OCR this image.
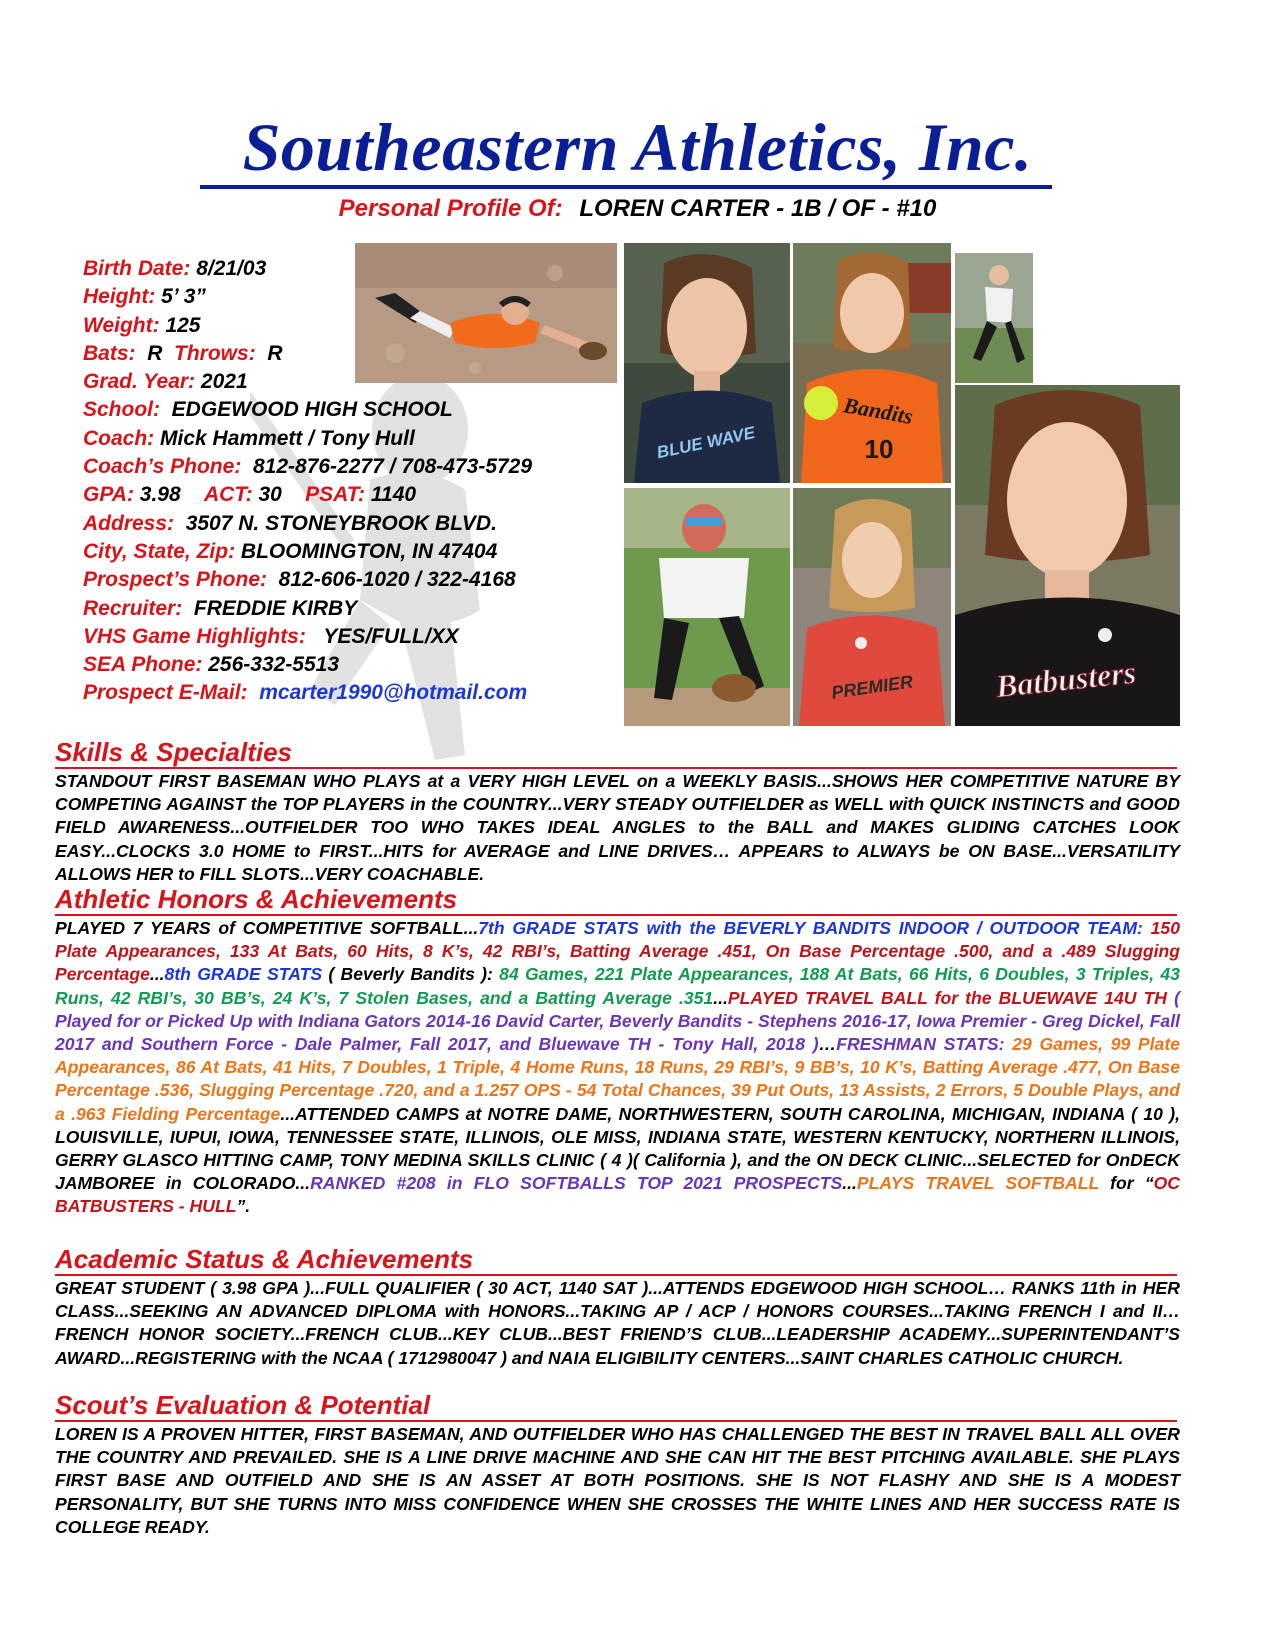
Southeastern Athletics, Inc.
Personal Profile Of: LOREN CARTER - 1B / OF - #10
Birth Date: 8/21/03
Height: 5’ 3”
Weight: 125
Bats: R Throws: R
Grad. Year: 2021
School: EDGEWOOD HIGH SCHOOL
Coach: Mick Hammett / Tony Hull
Coach’s Phone: 812-876-2277 / 708-473-5729
GPA: 3.98 ACT: 30 PSAT: 1140
Address: 3507 N. STONEYBROOK BLVD.
City, State, Zip: BLOOMINGTON, IN 47404
Prospect’s Phone: 812-606-1020 / 322-4168
Recruiter: FREDDIE KIRBY
VHS Game Highlights: YES/FULL/XX
SEA Phone: 256-332-5513
Prospect E-Mail: mcarter1990@hotmail.com
BLUE WAVE
Bandits
10
PREMIER Batbusters
Skills & Specialties
STANDOUT FIRST BASEMAN WHO PLAYS at a VERY HIGH LEVEL on a WEEKLY BASIS...SHOWS HER COMPETITIVE NATURE BY COMPETING AGAINST the TOP PLAYERS in the COUNTRY...VERY STEADY OUTFIELDER as WELL with QUICK INSTINCTS and GOOD FIELD AWARENESS...OUTFIELDER TOO WHO TAKES IDEAL ANGLES to the BALL and MAKES GLIDING CATCHES LOOK EASY...CLOCKS 3.0 HOME to FIRST...HITS for AVERAGE and LINE DRIVES… APPEARS to ALWAYS be ON BASE...VERSATILITY ALLOWS HER to FILL SLOTS...VERY COACHABLE.
Athletic Honors & Achievements
PLAYED 7 YEARS of COMPETITIVE SOFTBALL...7th GRADE STATS with the BEVERLY BANDITS INDOOR / OUTDOOR TEAM: 150 Plate Appearances, 133 At Bats, 60 Hits, 8 K’s, 42 RBI’s, Batting Average .451, On Base Percentage .500, and a .489 Slugging Percentage...8th GRADE STATS ( Beverly Bandits ): 84 Games, 221 Plate Appearances, 188 At Bats, 66 Hits, 6 Doubles, 3 Triples, 43 Runs, 42 RBI’s, 30 BB’s, 24 K’s, 7 Stolen Bases, and a Batting Average .351...PLAYED TRAVEL BALL for the BLUEWAVE 14U TH ( Played for or Picked Up with Indiana Gators 2014-16 David Carter, Beverly Bandits - Stephens 2016-17, Iowa Premier - Greg Dickel, Fall 2017 and Southern Force - Dale Palmer, Fall 2017, and Bluewave TH - Tony Hall, 2018 )…FRESHMAN STATS: 29 Games, 99 Plate Appearances, 86 At Bats, 41 Hits, 7 Doubles, 1 Triple, 4 Home Runs, 18 Runs, 29 RBI’s, 9 BB’s, 10 K’s, Batting Average .477, On Base Percentage .536, Slugging Percentage .720, and a 1.257 OPS - 54 Total Chances, 39 Put Outs, 13 Assists, 2 Errors, 5 Double Plays, and a .963 Fielding Percentage...ATTENDED CAMPS at NOTRE DAME, NORTHWESTERN, SOUTH CAROLINA, MICHIGAN, INDIANA ( 10 ), LOUISVILLE, IUPUI, IOWA, TENNESSEE STATE, ILLINOIS, OLE MISS, INDIANA STATE, WESTERN KENTUCKY, NORTHERN ILLINOIS, GERRY GLASCO HITTING CAMP, TONY MEDINA SKILLS CLINIC ( 4 )( California ), and the ON DECK CLINIC...SELECTED for OnDECK JAMBOREE in COLORADO...RANKED #208 in FLO SOFTBALLS TOP 2021 PROSPECTS...PLAYS TRAVEL SOFTBALL for “OC BATBUSTERS - HULL”.
Academic Status & Achievements
GREAT STUDENT ( 3.98 GPA )...FULL QUALIFIER ( 30 ACT, 1140 SAT )...ATTENDS EDGEWOOD HIGH SCHOOL… RANKS 11th in HER CLASS...SEEKING AN ADVANCED DIPLOMA with HONORS...TAKING AP / ACP / HONORS COURSES...TAKING FRENCH I and II…FRENCH HONOR SOCIETY...FRENCH CLUB...KEY CLUB...BEST FRIEND’S CLUB...LEADERSHIP ACADEMY...SUPERINTENDANT’S AWARD...REGISTERING with the NCAA ( 1712980047 ) and NAIA ELIGIBILITY CENTERS...SAINT CHARLES CATHOLIC CHURCH.
Scout’s Evaluation & Potential
LOREN IS A PROVEN HITTER, FIRST BASEMAN, AND OUTFIELDER WHO HAS CHALLENGED THE BEST IN TRAVEL BALL ALL OVER THE COUNTRY AND PREVAILED. SHE IS A LINE DRIVE MACHINE AND SHE CAN HIT THE BEST PITCHING AVAILABLE. SHE PLAYS FIRST BASE AND OUTFIELD AND SHE IS AN ASSET AT BOTH POSITIONS. SHE IS NOT FLASHY AND SHE IS A MODEST PERSONALITY, BUT SHE TURNS INTO MISS CONFIDENCE WHEN SHE CROSSES THE WHITE LINES AND HER SUCCESS RATE IS COLLEGE READY.
